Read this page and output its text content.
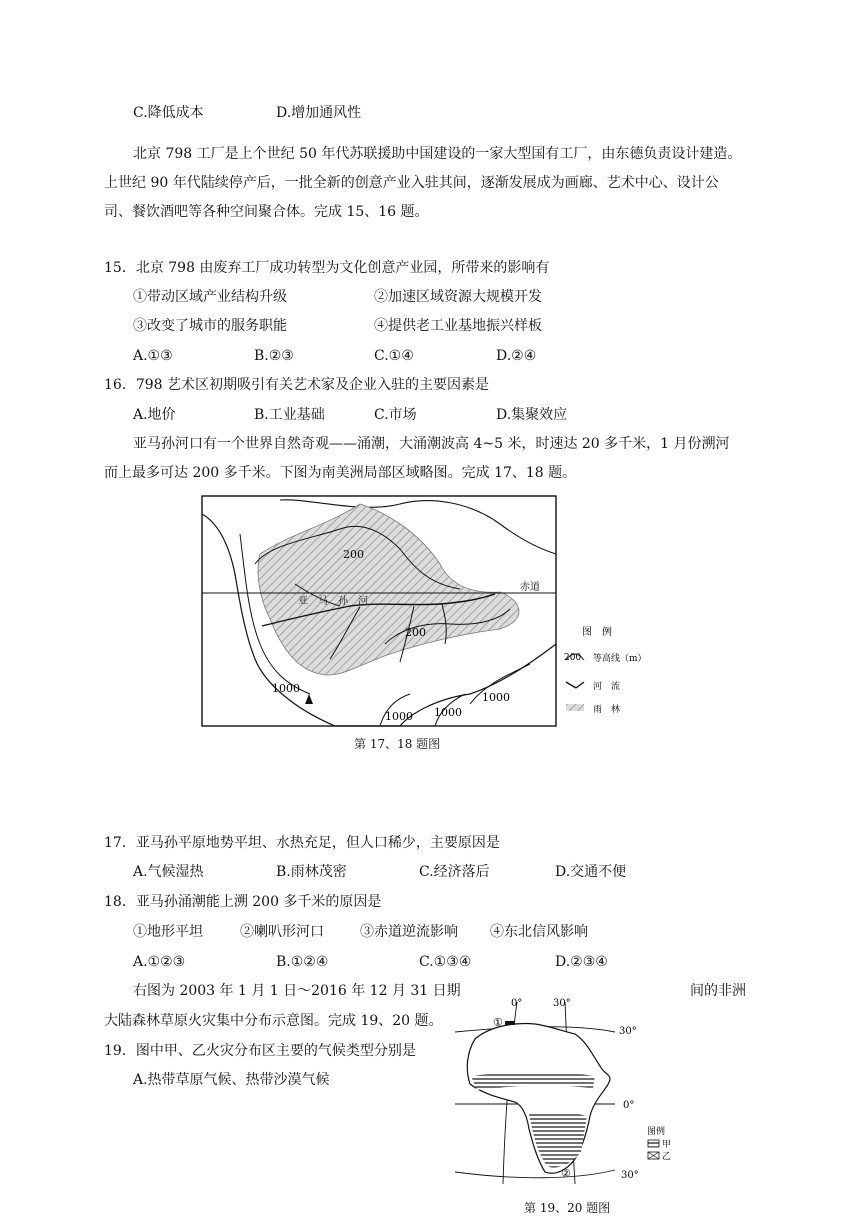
C.降低成本	D.增加通风性
北京 798 工厂是上个世纪 50 年代苏联援助中国建设的一家大型国有工厂，由东德负责设计建造。
上世纪 90 年代陆续停产后，一批全新的创意产业入驻其间，逐渐发展成为画廊、艺术中心、设计公
司、餐饮酒吧等各种空间聚合体。完成 15、16 题。
15．北京 798 由废弃工厂成功转型为文化创意产业园，所带来的影响有
①带动区域产业结构升级	②加速区域资源大规模开发
③改变了城市的服务职能	④提供老工业基地振兴样板
A.①③	B.②③	C.①④	D.②④
16．798 艺术区初期吸引有关艺术家及企业入驻的主要因素是
A.地价	B.工业基础	C.市场	D.集聚效应
亚马孙河口有一个世界自然奇观——涌潮，大涌潮波高 4~5 米，时速达 20 多千米，1 月份溯河
而上最多可达 200 多千米。下图为南美洲局部区域略图。完成 17、18 题。
200
赤道
亚　马　孙　河
200
1000
1000 1000
1000
图　例
200 等高线（m）
河　流
雨　林
第 17、18 题图
17．亚马孙平原地势平坦、水热充足，但人口稀少，主要原因是
A.气候湿热	B.雨林茂密	C.经济落后	D.交通不便
18．亚马孙涌潮能上溯 200 多千米的原因是
①地形平坦	②喇叭形河口	③赤道逆流影响 ④东北信风影响
A.①②③	B.①②④	C.①③④	D.②③④
右图为 2003 年 1 月 1 日～2016 年 12 月 31 日期	间的非洲
大陆森林草原火灾集中分布示意图。完成 19、20 题。
19．图中甲、乙火灾分布区主要的气候类型分别是
A.热带草原气候、热带沙漠气候
①
②
0°	30°
30°
0°
30°
图例
甲
乙
第 19、20 题图
